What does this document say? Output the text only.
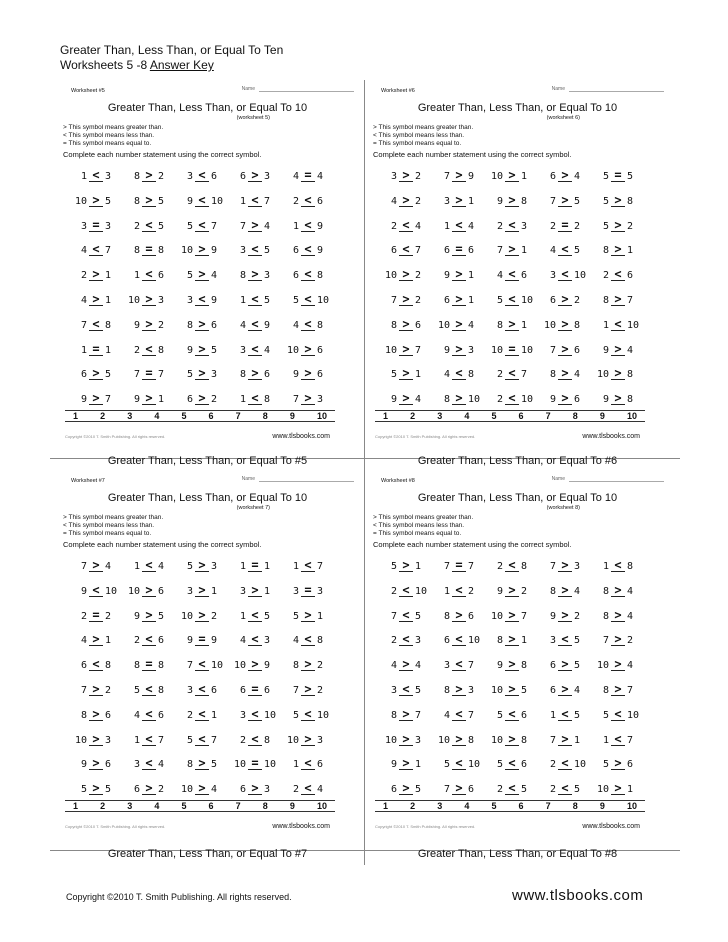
Greater Than, Less Than, or Equal To Ten
Worksheets 5 -8 Answer Key
Worksheet #5	Name
Greater Than, Less Than, or Equal To 10
(worksheet 5)
> This symbol means greater than.
< This symbol means less than.
= This symbol means equal to.
Complete each number statement using the correct symbol.
1 < 3	8 > 2	3 < 6	6 > 3	4 = 4
10 > 5	8 > 5	9 < 10	1 < 7	2 < 6
3 = 3	2 < 5	5 < 7	7 > 4	1 < 9
4 < 7	8 = 8 10 > 9	3 < 5	6 < 9
2 > 1	1 < 6	5 > 4	8 > 3	6 < 8
4 > 1 10 > 3	3 < 9	1 < 5	5 < 10
7 < 8	9 > 2	8 > 6	4 < 9	4 < 8
1 = 1	2 < 8	9 > 5	3 < 4 10 > 6
6 > 5	7 = 7	5 > 3	8 > 6	9 > 6
9 > 7	9 > 1	6 > 2	1 < 8	7 > 3
1 2 3 4 5 6 7 8 9 10
Copyright ©2010 T. Smith Publishing. All rights reserved.	www.tlsbooks.com
Greater Than, Less Than, or Equal To #5
Worksheet #6	Name
Greater Than, Less Than, or Equal To 10
(worksheet 6)
> This symbol means greater than.
< This symbol means less than.
= This symbol means equal to.
Complete each number statement using the correct symbol.
3 > 2	7 > 9 10 > 1	6 > 4	5 = 5
4 > 2	3 > 1	9 > 8	7 > 5	5 > 8
2 < 4	1 < 4	2 < 3	2 = 2	5 > 2
6 < 7	6 = 6	7 > 1	4 < 5	8 > 1
10 > 2	9 > 1	4 < 6	3 < 10	2 < 6
7 > 2	6 > 1	5 < 10	6 > 2	8 > 7
8 > 6 10 > 4	8 > 1 10 > 8	1 < 10
10 > 7	9 > 3 10 = 10	7 > 6	9 > 4
5 > 1	4 < 8	2 < 7	8 > 4 10 > 8
9 > 4	8 > 10	2 < 10	9 > 6	9 > 8
1 2 3 4 5 6 7 8 9 10
Copyright ©2010 T. Smith Publishing. All rights reserved.	www.tlsbooks.com
Greater Than, Less Than, or Equal To #6
Worksheet #7	Name
Greater Than, Less Than, or Equal To 10
(worksheet 7)
> This symbol means greater than.
< This symbol means less than.
= This symbol means equal to.
Complete each number statement using the correct symbol.
7 > 4	1 < 4	5 > 3	1 = 1	1 < 7
9 < 10 10 > 6	3 > 1	3 > 1	3 = 3
2 = 2	9 > 5 10 > 2	1 < 5	5 > 1
4 > 1	2 < 6	9 = 9	4 < 3	4 < 8
6 < 8	8 = 8	7 < 10 10 > 9	8 > 2
7 > 2	5 < 8	3 < 6	6 = 6	7 > 2
8 > 6	4 < 6	2 < 1	3 < 10	5 < 10
10 > 3	1 < 7	5 < 7	2 < 8 10 > 3
9 > 6	3 < 4	8 > 5 10 = 10	1 < 6
5 > 5	6 > 2 10 > 4	6 > 3	2 < 4
1 2 3 4 5 6 7 8 9 10
Copyright ©2010 T. Smith Publishing. All rights reserved.	www.tlsbooks.com
Greater Than, Less Than, or Equal To #7
Worksheet #8	Name
Greater Than, Less Than, or Equal To 10
(worksheet 8)
> This symbol means greater than.
< This symbol means less than.
= This symbol means equal to.
Complete each number statement using the correct symbol.
5 > 1	7 = 7	2 < 8	7 > 3	1 < 8
2 < 10	1 < 2	9 > 2	8 > 4	8 > 4
7 < 5	8 > 6 10 > 7	9 > 2	8 > 4
2 < 3	6 < 10	8 > 1	3 < 5	7 > 2
4 > 4	3 < 7	9 > 8	6 > 5 10 > 4
3 < 5	8 > 3 10 > 5	6 > 4	8 > 7
8 > 7	4 < 7	5 < 6	1 < 5	5 < 10
10 > 3 10 > 8 10 > 8	7 > 1	1 < 7
9 > 1	5 < 10	5 < 6	2 < 10	5 > 6
6 > 5	7 > 6	2 < 5	2 < 5 10 > 1
1 2 3 4 5 6 7 8 9 10
Copyright ©2010 T. Smith Publishing. All rights reserved.	www.tlsbooks.com
Greater Than, Less Than, or Equal To #8
Copyright ©2010 T. Smith Publishing. All rights reserved.	www.tlsbooks.com
